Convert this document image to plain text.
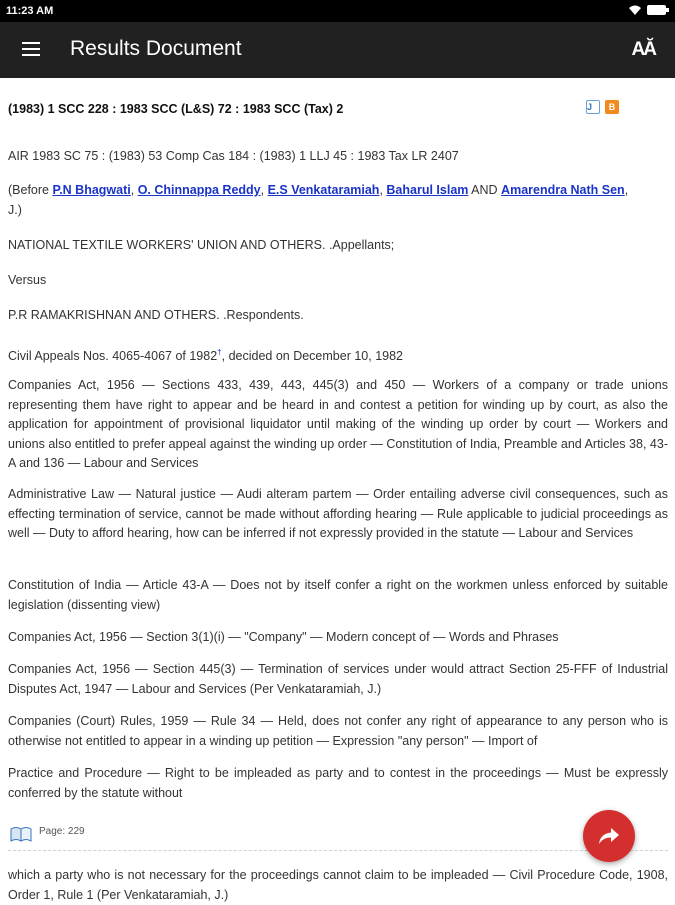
11:23 AM
Results Document	AĂ
(1983) 1 SCC 228 : 1983 SCC (L&S) 72 : 1983 SCC (Tax) 2	J	B
AIR 1983 SC 75 : (1983) 53 Comp Cas 184 : (1983) 1 LLJ 45 : 1983 Tax LR 2407
(Before P.N Bhagwati, O. Chinnappa Reddy, E.S Venkataramiah, Baharul Islam AND Amarendra Nath Sen,
J.)
NATIONAL TEXTILE WORKERS' UNION AND OTHERS. .Appellants;
Versus
P.R RAMAKRISHNAN AND OTHERS. .Respondents.
Civil Appeals Nos. 4065-4067 of 1982†, decided on December 10, 1982
Companies Act, 1956 — Sections 433, 439, 443, 445(3) and 450 — Workers of a company or trade unions representing them have right to appear and be heard in and contest a petition for winding up by court, as also the application for appointment of provisional liquidator until making of the winding up order by court — Workers and unions also entitled to prefer appeal against the winding up order — Constitution of India, Preamble and Articles 38, 43-A and 136 — Labour and Services
Administrative Law — Natural justice — Audi alteram partem — Order entailing adverse civil consequences, such as effecting termination of service, cannot be made without affording hearing — Rule applicable to judicial proceedings as well — Duty to afford hearing, how can be inferred if not expressly provided in the statute — Labour and Services
Constitution of India — Article 43-A — Does not by itself confer a right on the workmen unless enforced by suitable legislation (dissenting view)
Companies Act, 1956 — Section 3(1)(i) — "Company" — Modern concept of — Words and Phrases
Companies Act, 1956 — Section 445(3) — Termination of services under would attract Section 25-FFF of Industrial Disputes Act, 1947 — Labour and Services (Per Venkataramiah, J.)
Companies (Court) Rules, 1959 — Rule 34 — Held, does not confer any right of appearance to any person who is otherwise not entitled to appear in a winding up petition — Expression "any person" — Import of
Practice and Procedure — Right to be impleaded as party and to contest in the proceedings — Must be expressly conferred by the statute without
Page: 229
which a party who is not necessary for the proceedings cannot claim to be impleaded — Civil Procedure Code, 1908, Order 1, Rule 1 (Per Venkataramiah, J.)
